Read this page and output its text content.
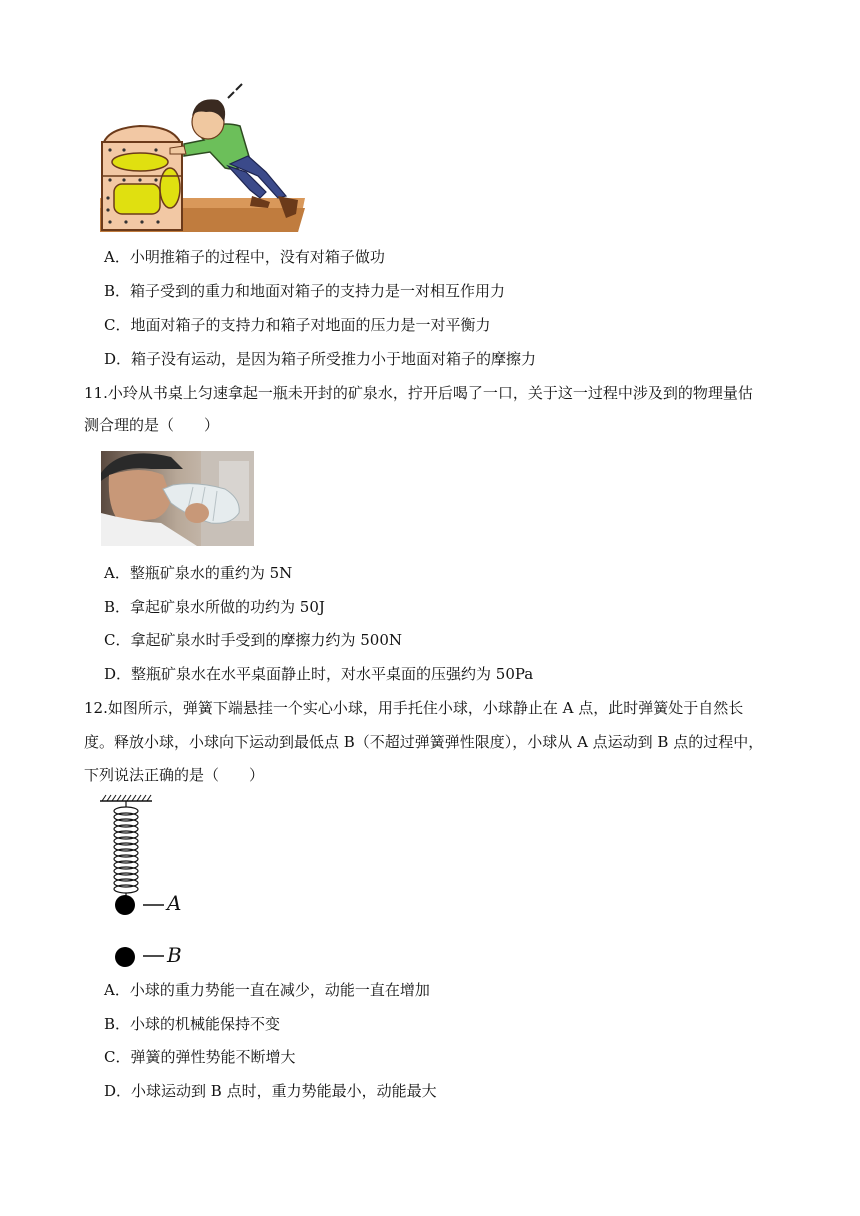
A．小明推箱子的过程中，没有对箱子做功
B．箱子受到的重力和地面对箱子的支持力是一对相互作用力
C．地面对箱子的支持力和箱子对地面的压力是一对平衡力
D．箱子没有运动，是因为箱子所受推力小于地面对箱子的摩擦力
11.小玲从书桌上匀速拿起一瓶未开封的矿泉水，拧开后喝了一口，关于这一过程中涉及到的物理量估
测合理的是（　　）
A．整瓶矿泉水的重约为 5N
B．拿起矿泉水所做的功约为 50J
C．拿起矿泉水时手受到的摩擦力约为 500N
D．整瓶矿泉水在水平桌面静止时，对水平桌面的压强约为 50Pa
12.如图所示，弹簧下端悬挂一个实心小球，用手托住小球，小球静止在 A 点，此时弹簧处于自然长
度。释放小球，小球向下运动到最低点 B（不超过弹簧弹性限度），小球从 A 点运动到 B 点的过程中，
下列说法正确的是（　　）
A
B
A．小球的重力势能一直在减少，动能一直在增加
B．小球的机械能保持不变
C．弹簧的弹性势能不断增大
D．小球运动到 B 点时，重力势能最小，动能最大
